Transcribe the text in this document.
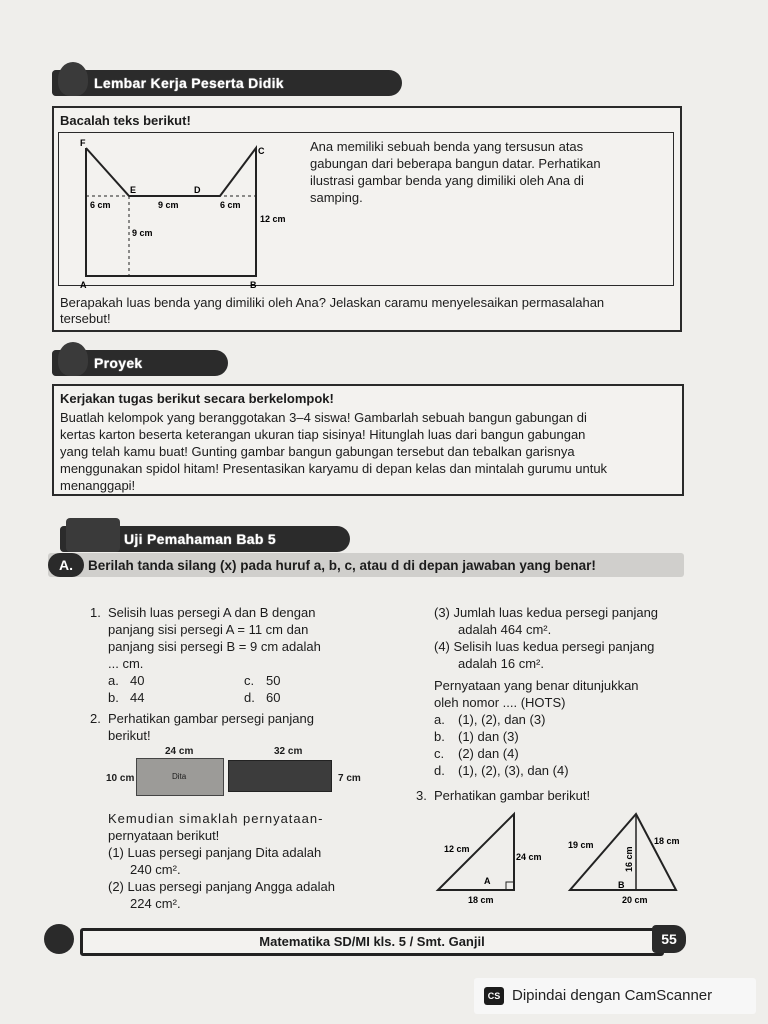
Lembar Kerja Peserta Didik
Bacalah teks berikut!
F
C
E	D
A	B
6 cm	9 cm	6 cm
12 cm
9 cm
Ana memiliki sebuah benda yang tersusun atas
gabungan dari beberapa bangun datar. Perhatikan
ilustrasi gambar benda yang dimiliki oleh Ana di
samping.
Berapakah luas benda yang dimiliki oleh Ana? Jelaskan caramu menyelesaikan permasalahan
tersebut!
Proyek
Kerjakan tugas berikut secara berkelompok!
Buatlah kelompok yang beranggotakan 3–4 siswa! Gambarlah sebuah bangun gabungan di
kertas karton beserta keterangan ukuran tiap sisinya! Hitunglah luas dari bangun gabungan
yang telah kamu buat! Gunting gambar bangun gabungan tersebut dan tebalkan garisnya
menggunakan spidol hitam! Presentasikan karyamu di depan kelas dan mintalah gurumu untuk
menanggapi!
Uji Pemahaman Bab 5
A.	Berilah tanda silang (x) pada huruf a, b, c, atau d di depan jawaban yang benar!
1. Selisih luas persegi A dan B dengan
panjang sisi persegi A = 11 cm dan
panjang sisi persegi B = 9 cm adalah
... cm.
a. 40
b. 44
c. 50
d. 60
2. Perhatikan gambar persegi panjang
berikut!
24 cm	32 cm
10 cm	Dita	7 cm
Kemudian simaklah pernyataan-
pernyataan berikut!
(1) Luas persegi panjang Dita adalah
240 cm².
(2) Luas persegi panjang Angga adalah
224 cm².
(3) Jumlah luas kedua persegi panjang
adalah 464 cm².
(4) Selisih luas kedua persegi panjang
adalah 16 cm².
Pernyataan yang benar ditunjukkan
oleh nomor .... (HOTS)
a. (1), (2), dan (3)
b. (1) dan (3)
c. (2) dan (4)
d. (1), (2), (3), dan (4)
3. Perhatikan gambar berikut!
12 cm
24 cm
A
18 cm
19 cm	18 cm
16 cm
B
20 cm
Matematika SD/MI kls. 5 / Smt. Ganjil	55
CS Dipindai dengan CamScanner
